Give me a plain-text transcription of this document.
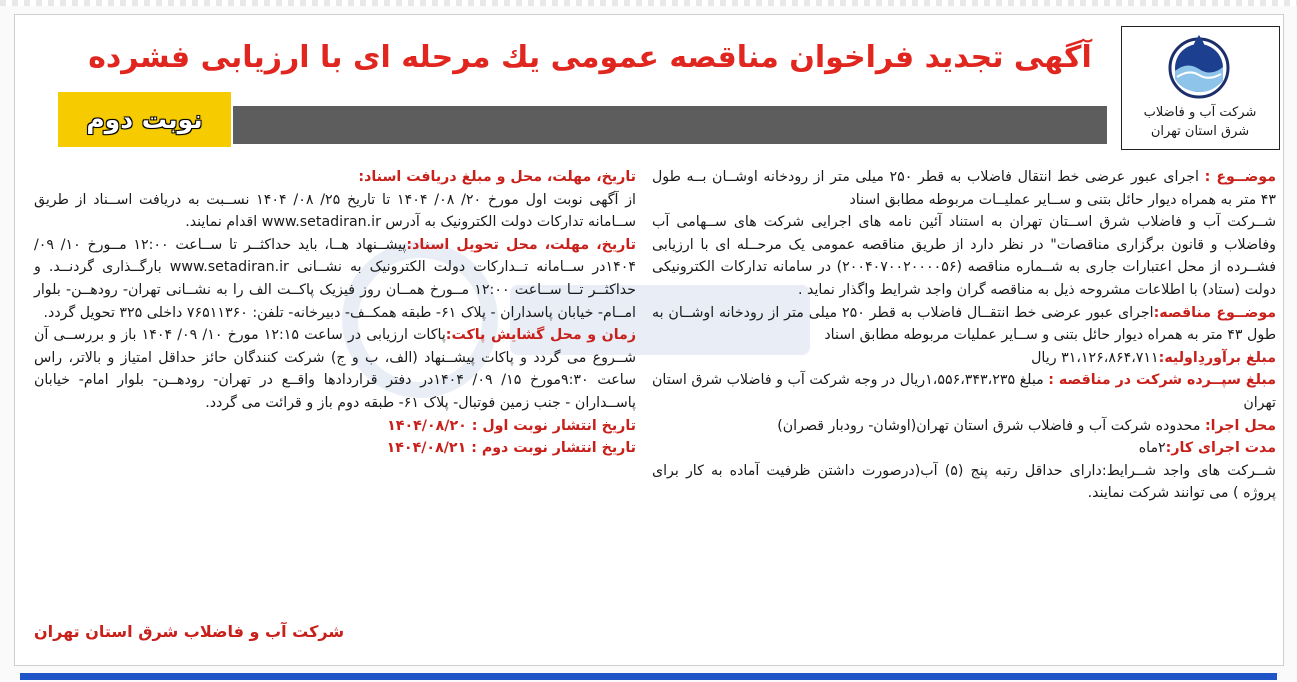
آگهی تجدید فراخوان مناقصه عمومی یك مرحله ای با ارزیابی فشرده
نوبت دوم	شرکت آب و فاضلاب
شرق استان تهران

موضــوع : اجرای عبور عرضی خط انتقال فاضلاب به قطر ۲۵۰ میلی متر از رودخانه اوشــان بــه طول ۴۳ متر به همراه دیوار حائل بتنی و ســایر عملیــات مربوطه مطابق اسناد

شــرکت آب و فاضلاب شرق اســتان تهران به استناد آئین نامه های اجرایی شرکت های ســهامی آب وفاضلاب و قانون برگزاری مناقصات" در نظر دارد از طریق مناقصه عمومی یک مرحــله ای با ارزیابی فشــرده از محل اعتبارات جاری به شــماره مناقصه (۲۰۰۴۰۷۰۰۲۰۰۰۰۵۶) در سامانه تدارکات الکترونیکی دولت (ستاد) با اطلاعات مشروحه ذیل به مناقصه گران واجد شرایط واگذار نماید .

موضــوع مناقصه:اجرای عبور عرضی خط انتقــال فاضلاب به قطر ۲۵۰ میلی متر از رودخانه اوشــان به طول ۴۳ متر به همراه دیوار حائل بتنی و ســایر عملیات مربوطه مطابق اسناد

مبلغ برآوردِاولیه:۳۱،۱۲۶،۸۶۴،۷۱۱ ریال

مبلغ سپــرده شرکت در مناقصه : مبلغ ۱،۵۵۶،۳۴۳،۲۳۵ریال در وجه شرکت آب و فاضلاب شرق استان تهران

محل اجرا: محدوده شرکت آب و فاضلاب شرق استان تهران(اوشان- رودبار قصران)

مدت اجرای کار:۲ماه

شــرکت های واجد شــرایط:دارای حداقل رتبه پنج (۵) آب(درصورت داشتن ظرفیت آماده به کار برای پروژه ) می توانند شرکت نمایند.

تاریخ، مهلت، محل و مبلغ دریافت اسناد:

از آگهی نوبت اول مورخ ۲۰/ ۰۸/ ۱۴۰۴ تا تاریخ ۲۵/ ۰۸/ ۱۴۰۴ نســبت به دریافت اســناد از طریق ســامانه تدارکات دولت الکترونیک به آدرس www.setadiran.ir اقدام نمایند.

تاریخ، مهلت، محل تحویل اسناد:پیشــنهاد هــا، باید حداکثــر تا ســاعت ۱۲:۰۰ مــورخ ۱۰/ ۰۹/ ۱۴۰۴در ســامانه تــدارکات دولت الکترونیک به نشــانی www.setadiran.ir بارگــذاری گردنــد. و حداکثــر تــا ســاعت ۱۲:۰۰ مــورخ همــان روز فیزیک پاکــت الف را به نشــانی تهران- رودهــن- بلوار امــام- خیابان پاسداران - پلاک ۶۱- طبقه همکــف- دبیرخانه- تلفن: ۷۶۵۱۱۳۶۰ داخلی ۳۲۵ تحویل گردد.

زمان و محل گشایش پاکت:پاکات ارزیابی در ساعت ۱۲:۱۵ مورخ ۱۰/ ۰۹/ ۱۴۰۴ باز و بررســی آن شــروع می گردد و پاکات پیشــنهاد (الف، ب و ج) شرکت کنندگان حائز حداقل امتیاز و بالاتر، راس ساعت ۹:۳۰مورخ ۱۵/ ۰۹/ ۱۴۰۴در دفتر قراردادها واقــع در تهران- رودهــن- بلوار امام- خیابان پاســداران - جنب زمین فوتبال- پلاک ۶۱- طبقه دوم باز و قرائت می گردد.

تاریخ انتشار نوبت اول : ۱۴۰۴/۰۸/۲۰

تاریخ انتشار نوبت دوم : ۱۴۰۴/۰۸/۲۱

شرکت آب و فاضلاب شرق استان تهران
